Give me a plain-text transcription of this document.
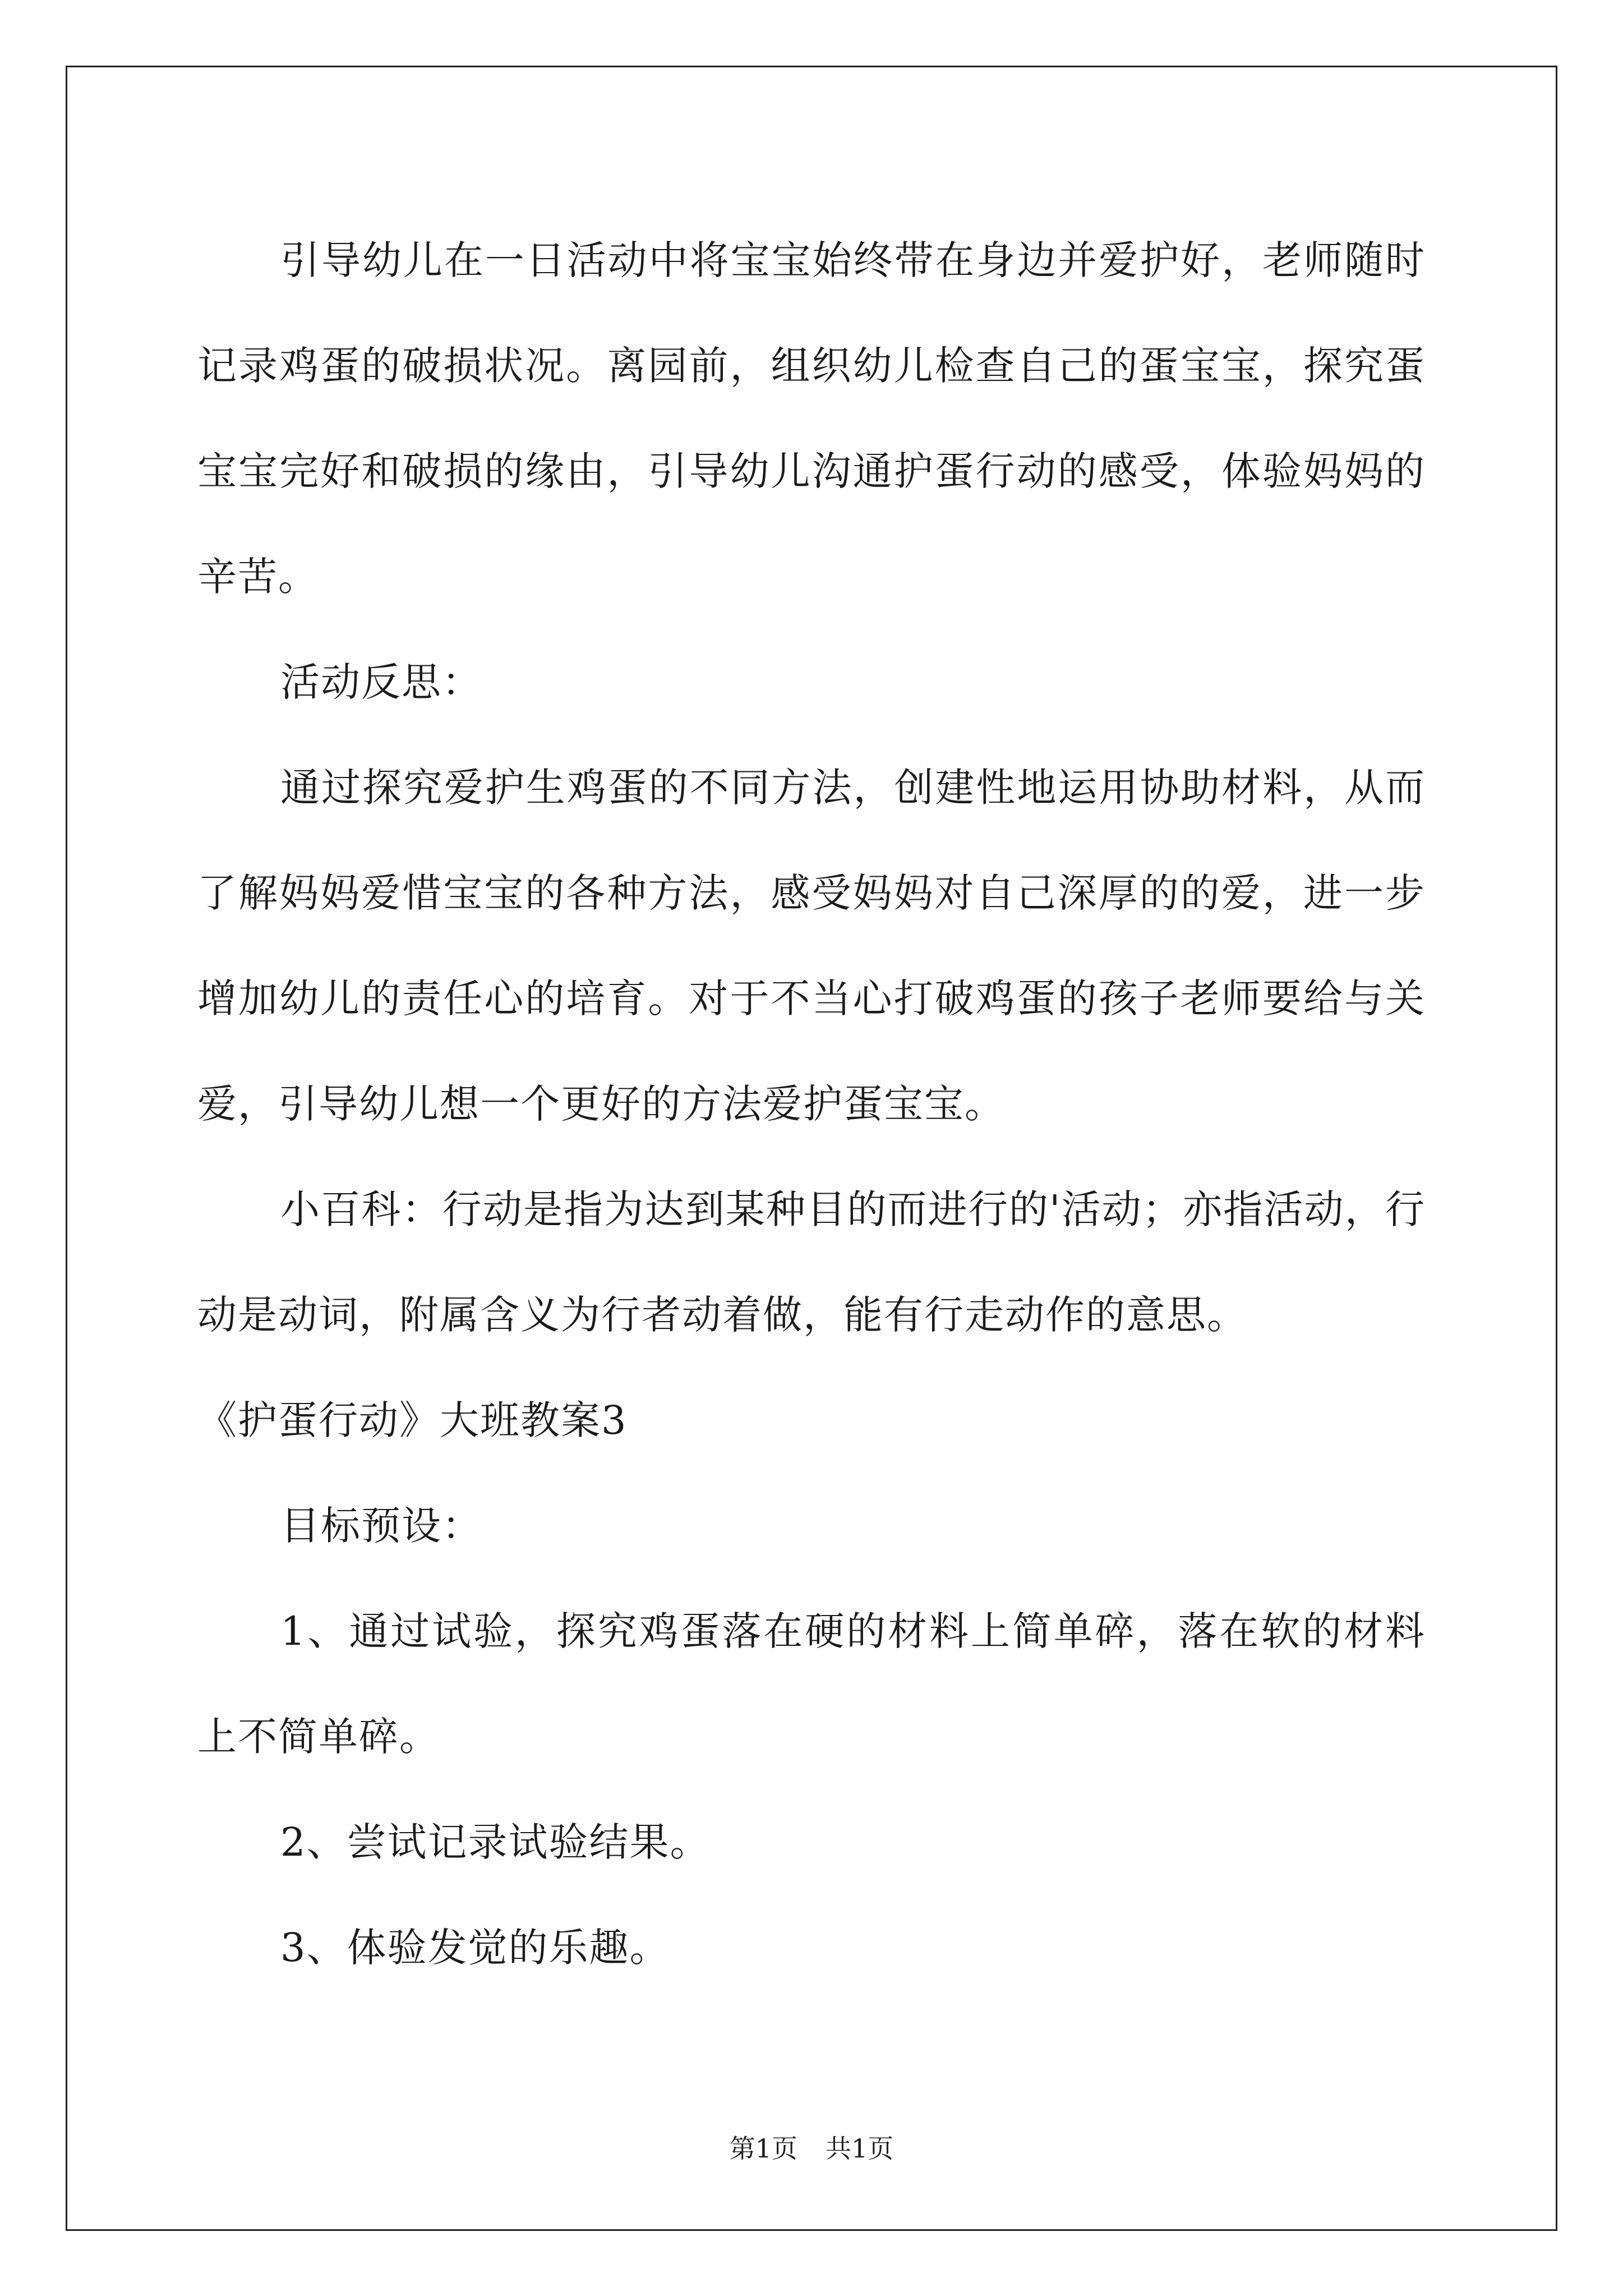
引导幼儿在一日活动中将宝宝始终带在身边并爱护好，老师随时记录鸡蛋的破损状况。离园前，组织幼儿检查自己的蛋宝宝，探究蛋宝宝完好和破损的缘由，引导幼儿沟通护蛋行动的感受，体验妈妈的辛苦。

活动反思：

通过探究爱护生鸡蛋的不同方法，创建性地运用协助材料，从而了解妈妈爱惜宝宝的各种方法，感受妈妈对自己深厚的的爱，进一步增加幼儿的责任心的培育。对于不当心打破鸡蛋的孩子老师要给与关爱，引导幼儿想一个更好的方法爱护蛋宝宝。

小百科：行动是指为达到某种目的而进行的'活动；亦指活动，行动是动词，附属含义为行者动着做，能有行走动作的意思。

《护蛋行动》大班教案3

目标预设：

1、通过试验，探究鸡蛋落在硬的材料上简单碎，落在软的材料上不简单碎。

2、尝试记录试验结果。

3、体验发觉的乐趣。

第1页 共1页
